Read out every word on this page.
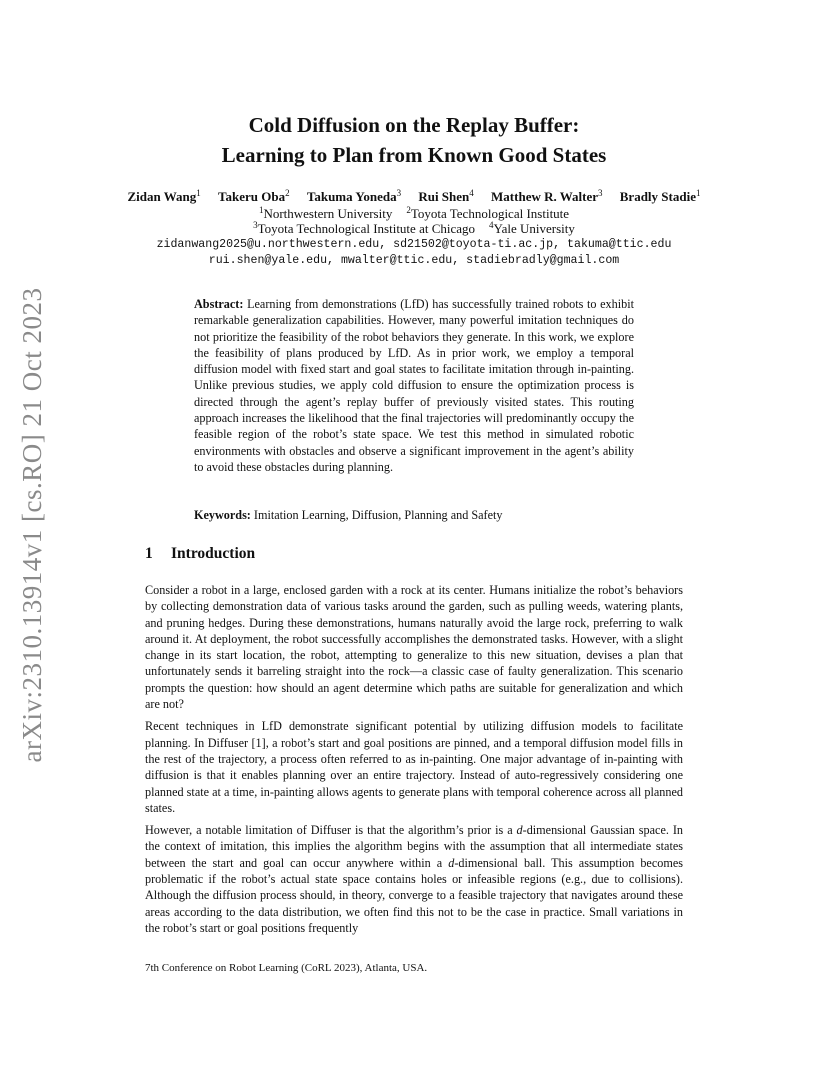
arXiv:2310.13914v1 [cs.RO] 21 Oct 2023
Cold Diffusion on the Replay Buffer:
Learning to Plan from Known Good States
Zidan Wang$^1$ Takeru Oba$^2$ Takuma Yoneda$^3$ Rui Shen$^4$ Matthew R. Walter$^3$ Bradly Stadie$^1$
$^1$Northwestern University $^2$Toyota Technological Institute
$^3$Toyota Technological Institute at Chicago $^4$Yale University
zidanwang2025@u.northwestern.edu, sd21502@toyota-ti.ac.jp, takuma@ttic.edu
rui.shen@yale.edu, mwalter@ttic.edu, stadiebradly@gmail.com
Abstract: Learning from demonstrations (LfD) has successfully trained robots to exhibit remarkable generalization capabilities. However, many powerful imitation techniques do not prioritize the feasibility of the robot behaviors they generate. In this work, we explore the feasibility of plans produced by LfD. As in prior work, we employ a temporal diffusion model with fixed start and goal states to facilitate imitation through in-painting. Unlike previous studies, we apply cold diffusion to ensure the optimization process is directed through the agent’s replay buffer of previously visited states. This routing approach increases the likelihood that the final trajectories will predominantly occupy the feasible region of the robot’s state space. We test this method in simulated robotic environments with obstacles and observe a significant improvement in the agent’s ability to avoid these obstacles during planning.
Keywords: Imitation Learning, Diffusion, Planning and Safety
1 Introduction

Consider a robot in a large, enclosed garden with a rock at its center. Humans initialize the robot’s behaviors by collecting demonstration data of various tasks around the garden, such as pulling weeds, watering plants, and pruning hedges. During these demonstrations, humans naturally avoid the large rock, preferring to walk around it. At deployment, the robot successfully accomplishes the demonstrated tasks. However, with a slight change in its start location, the robot, attempting to generalize to this new situation, devises a plan that unfortunately sends it barreling straight into the rock—a classic case of faulty generalization. This scenario prompts the question: how should an agent determine which paths are suitable for generalization and which are not?

Recent techniques in LfD demonstrate significant potential by utilizing diffusion models to facilitate planning. In Diffuser [1], a robot’s start and goal positions are pinned, and a temporal diffusion model fills in the rest of the trajectory, a process often referred to as in-painting. One major advantage of in-painting with diffusion is that it enables planning over an entire trajectory. Instead of auto-regressively considering one planned state at a time, in-painting allows agents to generate plans with temporal coherence across all planned states.

However, a notable limitation of Diffuser is that the algorithm’s prior is a d-dimensional Gaussian space. In the context of imitation, this implies the algorithm begins with the assumption that all intermediate states between the start and goal can occur anywhere within a d-dimensional ball. This assumption becomes problematic if the robot’s actual state space contains holes or infeasible regions (e.g., due to collisions). Although the diffusion process should, in theory, converge to a feasible trajectory that navigates around these areas according to the data distribution, we often find this not to be the case in practice. Small variations in the robot’s start or goal positions frequently

7th Conference on Robot Learning (CoRL 2023), Atlanta, USA.
